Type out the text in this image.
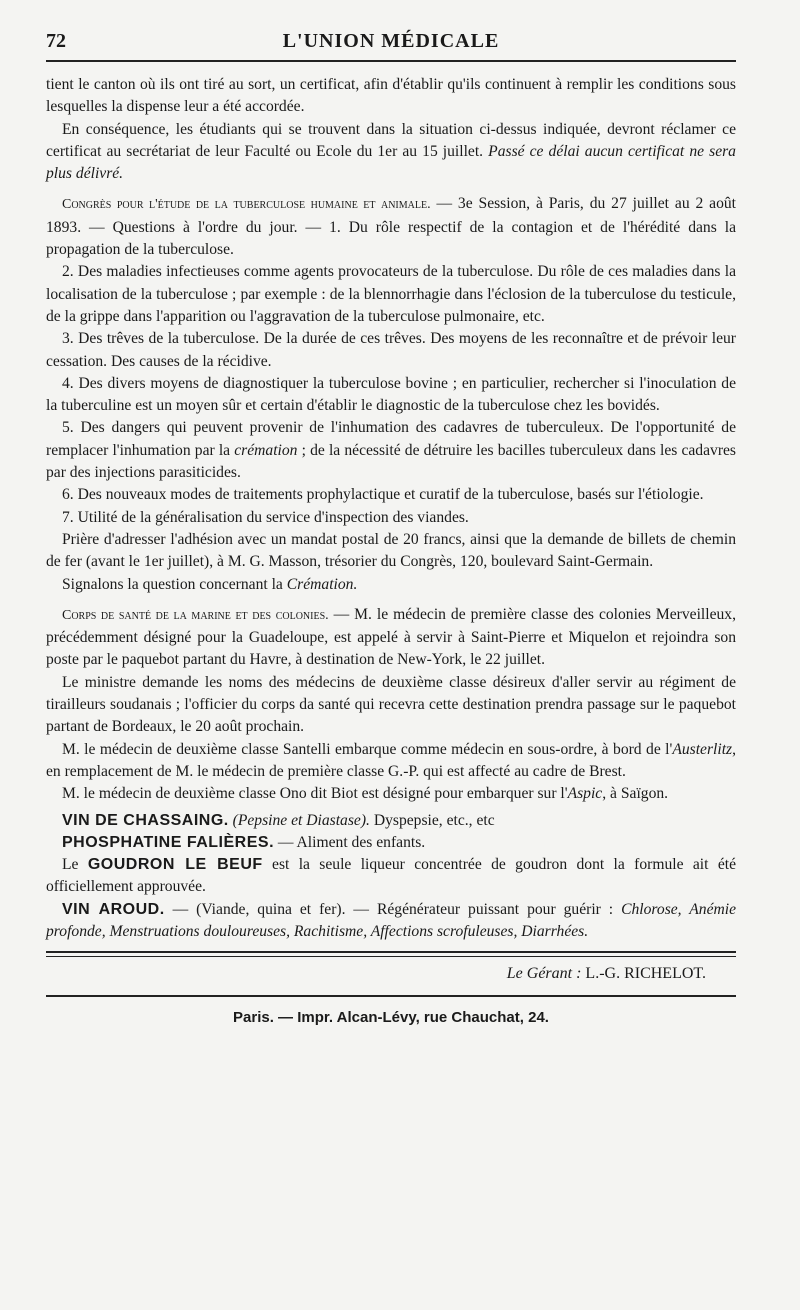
72	L'UNION MÉDICALE

tient le canton où ils ont tiré au sort, un certificat, afin d'établir qu'ils continuent à remplir les conditions sous lesquelles la dispense leur a été accordée.

En conséquence, les étudiants qui se trouvent dans la situation ci-dessus indiquée, devront réclamer ce certificat au secrétariat de leur Faculté ou Ecole du 1er au 15 juillet. Passé ce délai aucun certificat ne sera plus délivré.

Congrès pour l'étude de la tuberculose humaine et animale. — 3e Session, à Paris, du 27 juillet au 2 août 1893. — Questions à l'ordre du jour. — 1. Du rôle respectif de la contagion et de l'hérédité dans la propagation de la tuberculose.

2. Des maladies infectieuses comme agents provocateurs de la tuberculose. Du rôle de ces maladies dans la localisation de la tuberculose ; par exemple : de la blennorrhagie dans l'éclosion de la tuberculose du testicule, de la grippe dans l'apparition ou l'aggravation de la tuberculose pulmonaire, etc.

3. Des trêves de la tuberculose. De la durée de ces trêves. Des moyens de les reconnaître et de prévoir leur cessation. Des causes de la récidive.

4. Des divers moyens de diagnostiquer la tuberculose bovine ; en particulier, rechercher si l'inoculation de la tuberculine est un moyen sûr et certain d'établir le diagnostic de la tuberculose chez les bovidés.

5. Des dangers qui peuvent provenir de l'inhumation des cadavres de tuberculeux. De l'opportunité de remplacer l'inhumation par la crémation ; de la nécessité de détruire les bacilles tuberculeux dans les cadavres par des injections parasiticides.

6. Des nouveaux modes de traitements prophylactique et curatif de la tuberculose, basés sur l'étiologie.

7. Utilité de la généralisation du service d'inspection des viandes.

Prière d'adresser l'adhésion avec un mandat postal de 20 francs, ainsi que la demande de billets de chemin de fer (avant le 1er juillet), à M. G. Masson, trésorier du Congrès, 120, boulevard Saint-Germain.

Signalons la question concernant la Crémation.

Corps de santé de la marine et des colonies. — M. le médecin de première classe des colonies Merveilleux, précédemment désigné pour la Guadeloupe, est appelé à servir à Saint-Pierre et Miquelon et rejoindra son poste par le paquebot partant du Havre, à destination de New-York, le 22 juillet.

Le ministre demande les noms des médecins de deuxième classe désireux d'aller servir au régiment de tirailleurs soudanais ; l'officier du corps da santé qui recevra cette destination prendra passage sur le paquebot partant de Bordeaux, le 20 août prochain.

M. le médecin de deuxième classe Santelli embarque comme médecin en sous-ordre, à bord de l'Austerlitz, en remplacement de M. le médecin de première classe G.-P. qui est affecté au cadre de Brest.

M. le médecin de deuxième classe Ono dit Biot est désigné pour embarquer sur l'Aspic, à Saïgon.

VIN DE CHASSAING. (Pepsine et Diastase). Dyspepsie, etc., etc

PHOSPHATINE FALIÈRES. — Aliment des enfants.

Le GOUDRON LE BEUF est la seule liqueur concentrée de goudron dont la formule ait été officiellement approuvée.

VIN AROUD. — (Viande, quina et fer). — Régénérateur puissant pour guérir : Chlorose, Anémie profonde, Menstruations douloureuses, Rachitisme, Affections scrofuleuses, Diarrhées.

Le Gérant : L.-G. RICHELOT.
Paris. — Impr. Alcan-Lévy, rue Chauchat, 24.
